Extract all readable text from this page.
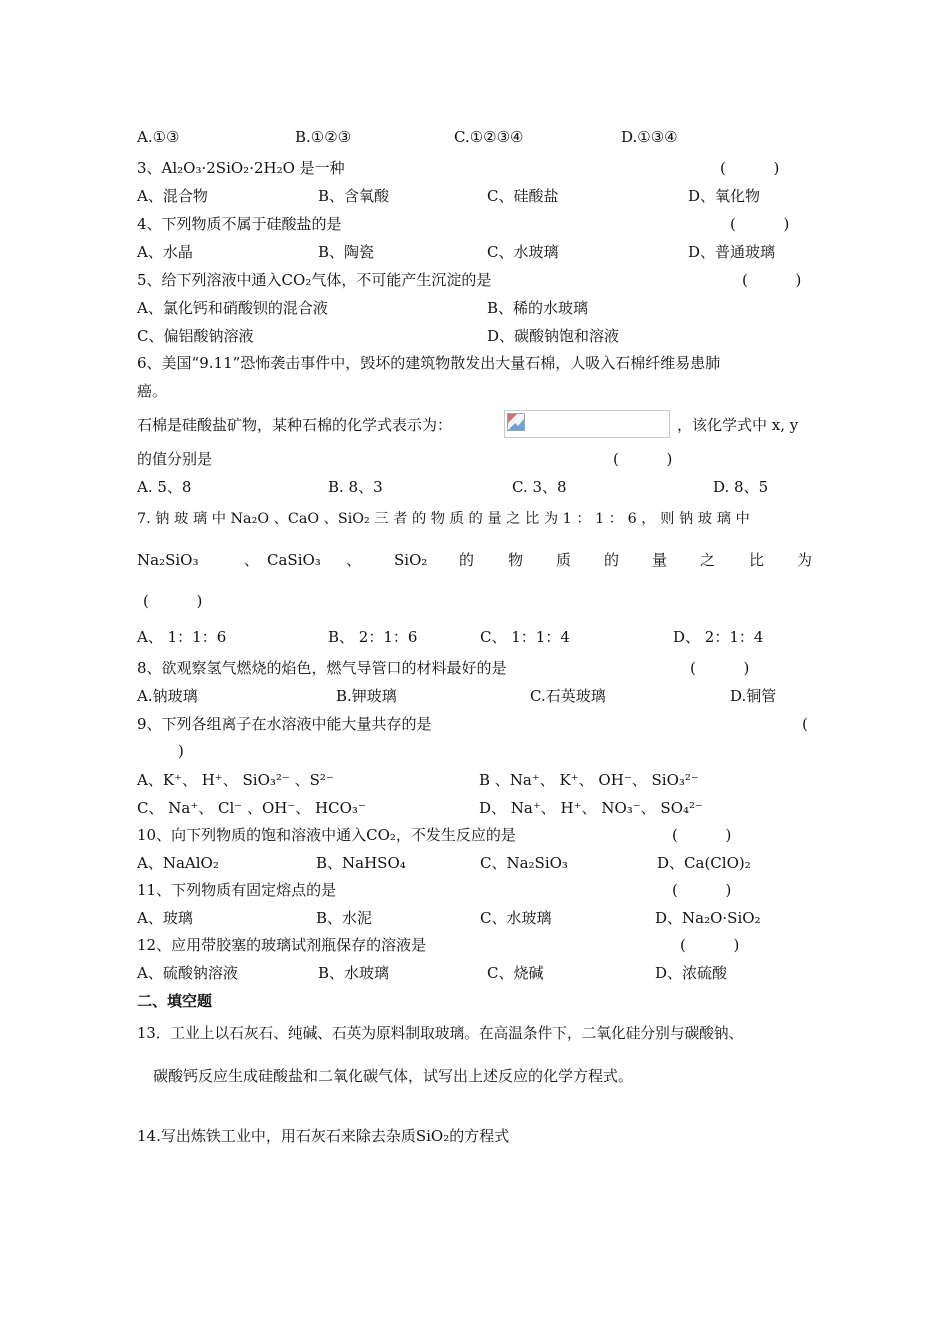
A.①③	B.①②③	C.①②③④	D.①③④
3、Al₂O₃·2SiO₂·2H₂O 是一种	(          )
A、混合物	B、含氧酸	C、硅酸盐	D、氧化物
4、下列物质不属于硅酸盐的是	(          )
A、水晶	B、陶瓷	C、水玻璃	D、普通玻璃
5、给下列溶液中通入CO₂气体，不可能产生沉淀的是	(          )
A、氯化钙和硝酸钡的混合液	B、稀的水玻璃
C、偏铝酸钠溶液	D、碳酸钠饱和溶液
6、美国“9.11”恐怖袭击事件中，毁坏的建筑物散发出大量石棉，人吸入石棉纤维易患肺
癌。
石棉是硅酸盐矿物，某种石棉的化学式表示为：	，该化学式中 x, y
的值分别是	(          )
A. 5、8	B. 8、3	C. 3、8	D. 8、5
7. 钠 玻 璃 中 Na₂O 、CaO 、SiO₂ 三 者 的 物 质 的 量 之 比 为 1 ： 1 ： 6 ， 则 钠 玻 璃 中
Na₂SiO₃	、 CaSiO₃ 、 SiO₂ 的 物 质 的 量 之 比 为
(          )
A、 1：1：6	B、 2：1：6	C、 1：1：4	D、 2：1：4
8、欲观察氢气燃烧的焰色，燃气导管口的材料最好的是	(          )
A.钠玻璃	B.钾玻璃	C.石英玻璃	D.铜管
9、下列各组离子在水溶液中能大量共存的是	(
)
A、K⁺、 H⁺、 SiO₃²⁻ 、S²⁻	B 、Na⁺、 K⁺、 OH⁻、 SiO₃²⁻
C、 Na⁺、 Cl⁻ 、OH⁻、 HCO₃⁻	D、 Na⁺、 H⁺、 NO₃⁻、 SO₄²⁻
10、向下列物质的饱和溶液中通入CO₂，不发生反应的是	(          )
A、NaAlO₂	B、NaHSO₄	C、Na₂SiO₃	D、Ca(ClO)₂
11、下列物质有固定熔点的是	(          )
A、玻璃	B、水泥	C、水玻璃	D、Na₂O·SiO₂
12、应用带胶塞的玻璃试剂瓶保存的溶液是	(          )
A、硫酸钠溶液	B、水玻璃	C、烧碱	D、浓硫酸
二、填空题
13．工业上以石灰石、纯碱、石英为原料制取玻璃。在高温条件下，二氧化硅分别与碳酸钠、
碳酸钙反应生成硅酸盐和二氧化碳气体，试写出上述反应的化学方程式。
14.写出炼铁工业中，用石灰石来除去杂质SiO₂的方程式
